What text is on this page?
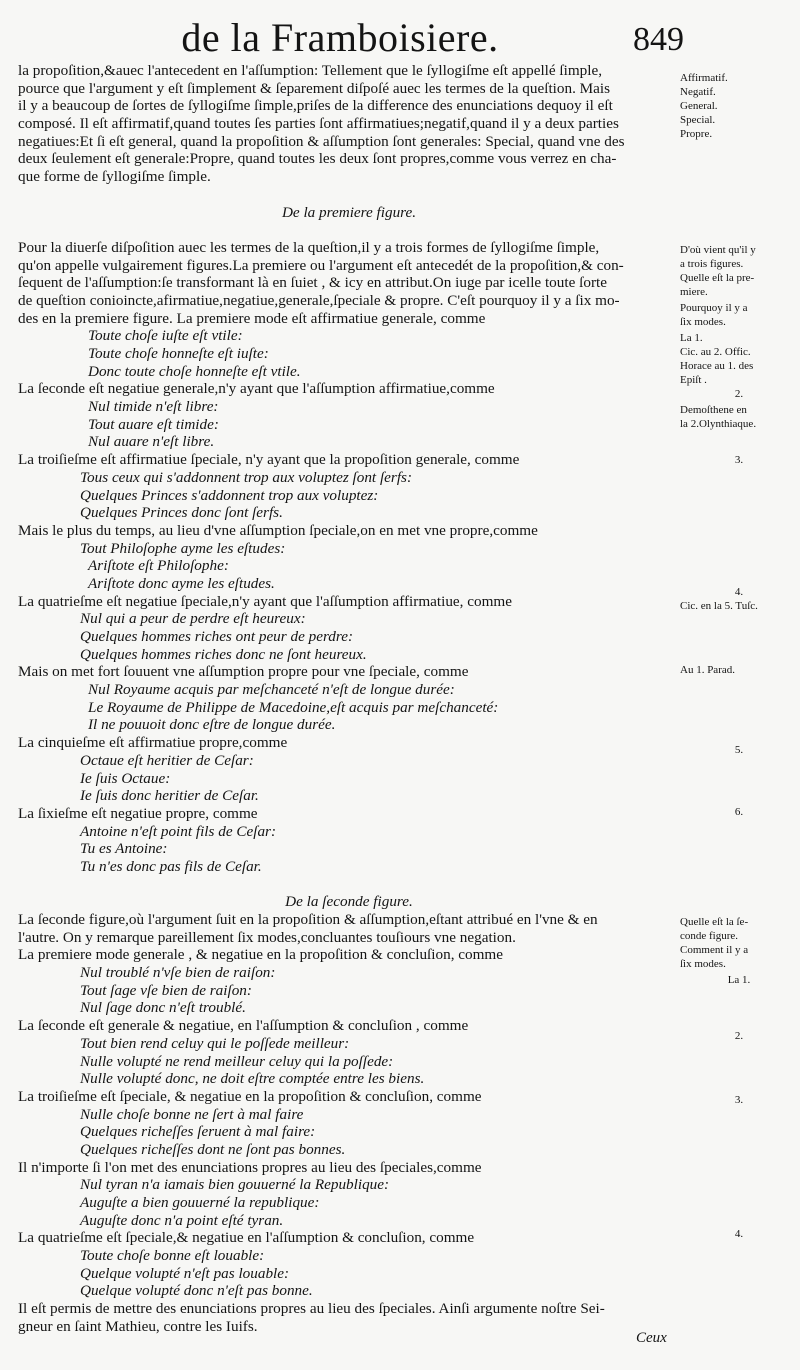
de la Framboisiere.	849
la propoſition,&auec l'antecedent en l'aſſumption: Tellement que le ſyllogiſme eſt appellé ſimple,
pource que l'argument y eſt ſimplement & ſeparement diſpoſé auec les termes de la queſtion. Mais
il y a beaucoup de ſortes de ſyllogiſme ſimple,priſes de la difference des enunciations dequoy il eſt
composé. Il eſt affirmatif,quand toutes ſes parties ſont affirmatiues;negatif,quand il y a deux parties
negatiues:Et ſi eſt general, quand la propoſition & aſſumption ſont generales: Special, quand vne des
deux ſeulement eſt generale:Propre, quand toutes les deux ſont propres,comme vous verrez en cha-
que forme de ſyllogiſme ſimple.
De la premiere figure.
Pour la diuerſe diſpoſition auec les termes de la queſtion,il y a trois formes de ſyllogiſme ſimple,
qu'on appelle vulgairement figures.La premiere ou l'argument eſt antecedét de la propoſition,& con-
ſequent de l'aſſumption:ſe transformant là en ſuiet , & icy en attribut.On iuge par icelle toute ſorte
de queſtion conioincte,afirmatiue,negatiue,generale,ſpeciale & propre. C'eſt pourquoy il y a ſix mo-
des en la premiere figure. La premiere mode eſt affirmatiue generale, comme
Toute choſe iuſte eſt vtile:
Toute choſe honneſte eſt iuſte:
Donc toute choſe honneſte eſt vtile.
La ſeconde eſt negatiue generale,n'y ayant que l'aſſumption affirmatiue,comme
Nul timide n'eſt libre:
Tout auare eſt timide:
Nul auare n'eſt libre.
La troiſieſme eſt affirmatiue ſpeciale, n'y ayant que la propoſition generale, comme
Tous ceux qui s'addonnent trop aux voluptez ſont ſerfs:
Quelques Princes s'addonnent trop aux voluptez:
Quelques Princes donc ſont ſerfs.
Mais le plus du temps, au lieu d'vne aſſumption ſpeciale,on en met vne propre,comme
Tout Philoſophe ayme les eſtudes:
Ariſtote eſt Philoſophe:
Ariſtote donc ayme les eſtudes.
La quatrieſme eſt negatiue ſpeciale,n'y ayant que l'aſſumption affirmatiue, comme
Nul qui a peur de perdre eſt heureux:
Quelques hommes riches ont peur de perdre:
Quelques hommes riches donc ne ſont heureux.
Mais on met fort ſouuent vne aſſumption propre pour vne ſpeciale, comme
Nul Royaume acquis par meſchanceté n'eſt de longue durée:
Le Royaume de Philippe de Macedoine,eſt acquis par meſchanceté:
Il ne pouuoit donc eſtre de longue durée.
La cinquieſme eſt affirmatiue propre,comme
Octaue eſt heritier de Ceſar:
Ie ſuis Octaue:
Ie ſuis donc heritier de Ceſar.
La ſixieſme eſt negatiue propre, comme
Antoine n'eſt point fils de Ceſar:
Tu es Antoine:
Tu n'es donc pas fils de Ceſar.
De la ſeconde figure.
La ſeconde figure,où l'argument ſuit en la propoſition & aſſumption,eſtant attribué en l'vne & en
l'autre. On y remarque pareillement ſix modes,concluantes touſiours vne negation.
La premiere mode generale , & negatiue en la propoſition & concluſion, comme
Nul troublé n'vſe bien de raiſon:
Tout ſage vſe bien de raiſon:
Nul ſage donc n'eſt troublé.
La ſeconde eſt generale & negatiue, en l'aſſumption & concluſion , comme
Tout bien rend celuy qui le poſſede meilleur:
Nulle volupté ne rend meilleur celuy qui la poſſede:
Nulle volupté donc, ne doit eſtre comptée entre les biens.
La troiſieſme eſt ſpeciale, & negatiue en la propoſition & concluſion, comme
Nulle choſe bonne ne ſert à mal faire
Quelques richeſſes ſeruent à mal faire:
Quelques richeſſes dont ne ſont pas bonnes.
Il n'importe ſi l'on met des enunciations propres au lieu des ſpeciales,comme
Nul tyran n'a iamais bien gouuerné la Republique:
Auguſte a bien gouuerné la republique:
Auguſte donc n'a point eſté tyran.
La quatrieſme eſt ſpeciale,& negatiue en l'aſſumption & concluſion, comme
Toute choſe bonne eſt louable:
Quelque volupté n'eſt pas louable:
Quelque volupté donc n'eſt pas bonne.
Il eſt permis de mettre des enunciations propres au lieu des ſpeciales. Ainſi argumente noſtre Sei-
gneur en ſaint Mathieu, contre les Iuifs.
Affirmatif.
Negatif.
General.
Special.
Propre.
D'où vient qu'il y
a trois figures.
Quelle eſt la pre-
miere.
Pourquoy il y a
ſix modes.
La 1.
Cic. au 2. Offic.
Horace au 1. des
Epiſt .
2.
Demoſthene en
la 2.Olynthiaque.
3.
4.
Cic. en la 5. Tuſc.
Au 1. Parad.
5.
6.
Quelle eſt la ſe-
conde figure.
Comment il y a
ſix modes.
La 1.
2.
3.
4.
Ceux
